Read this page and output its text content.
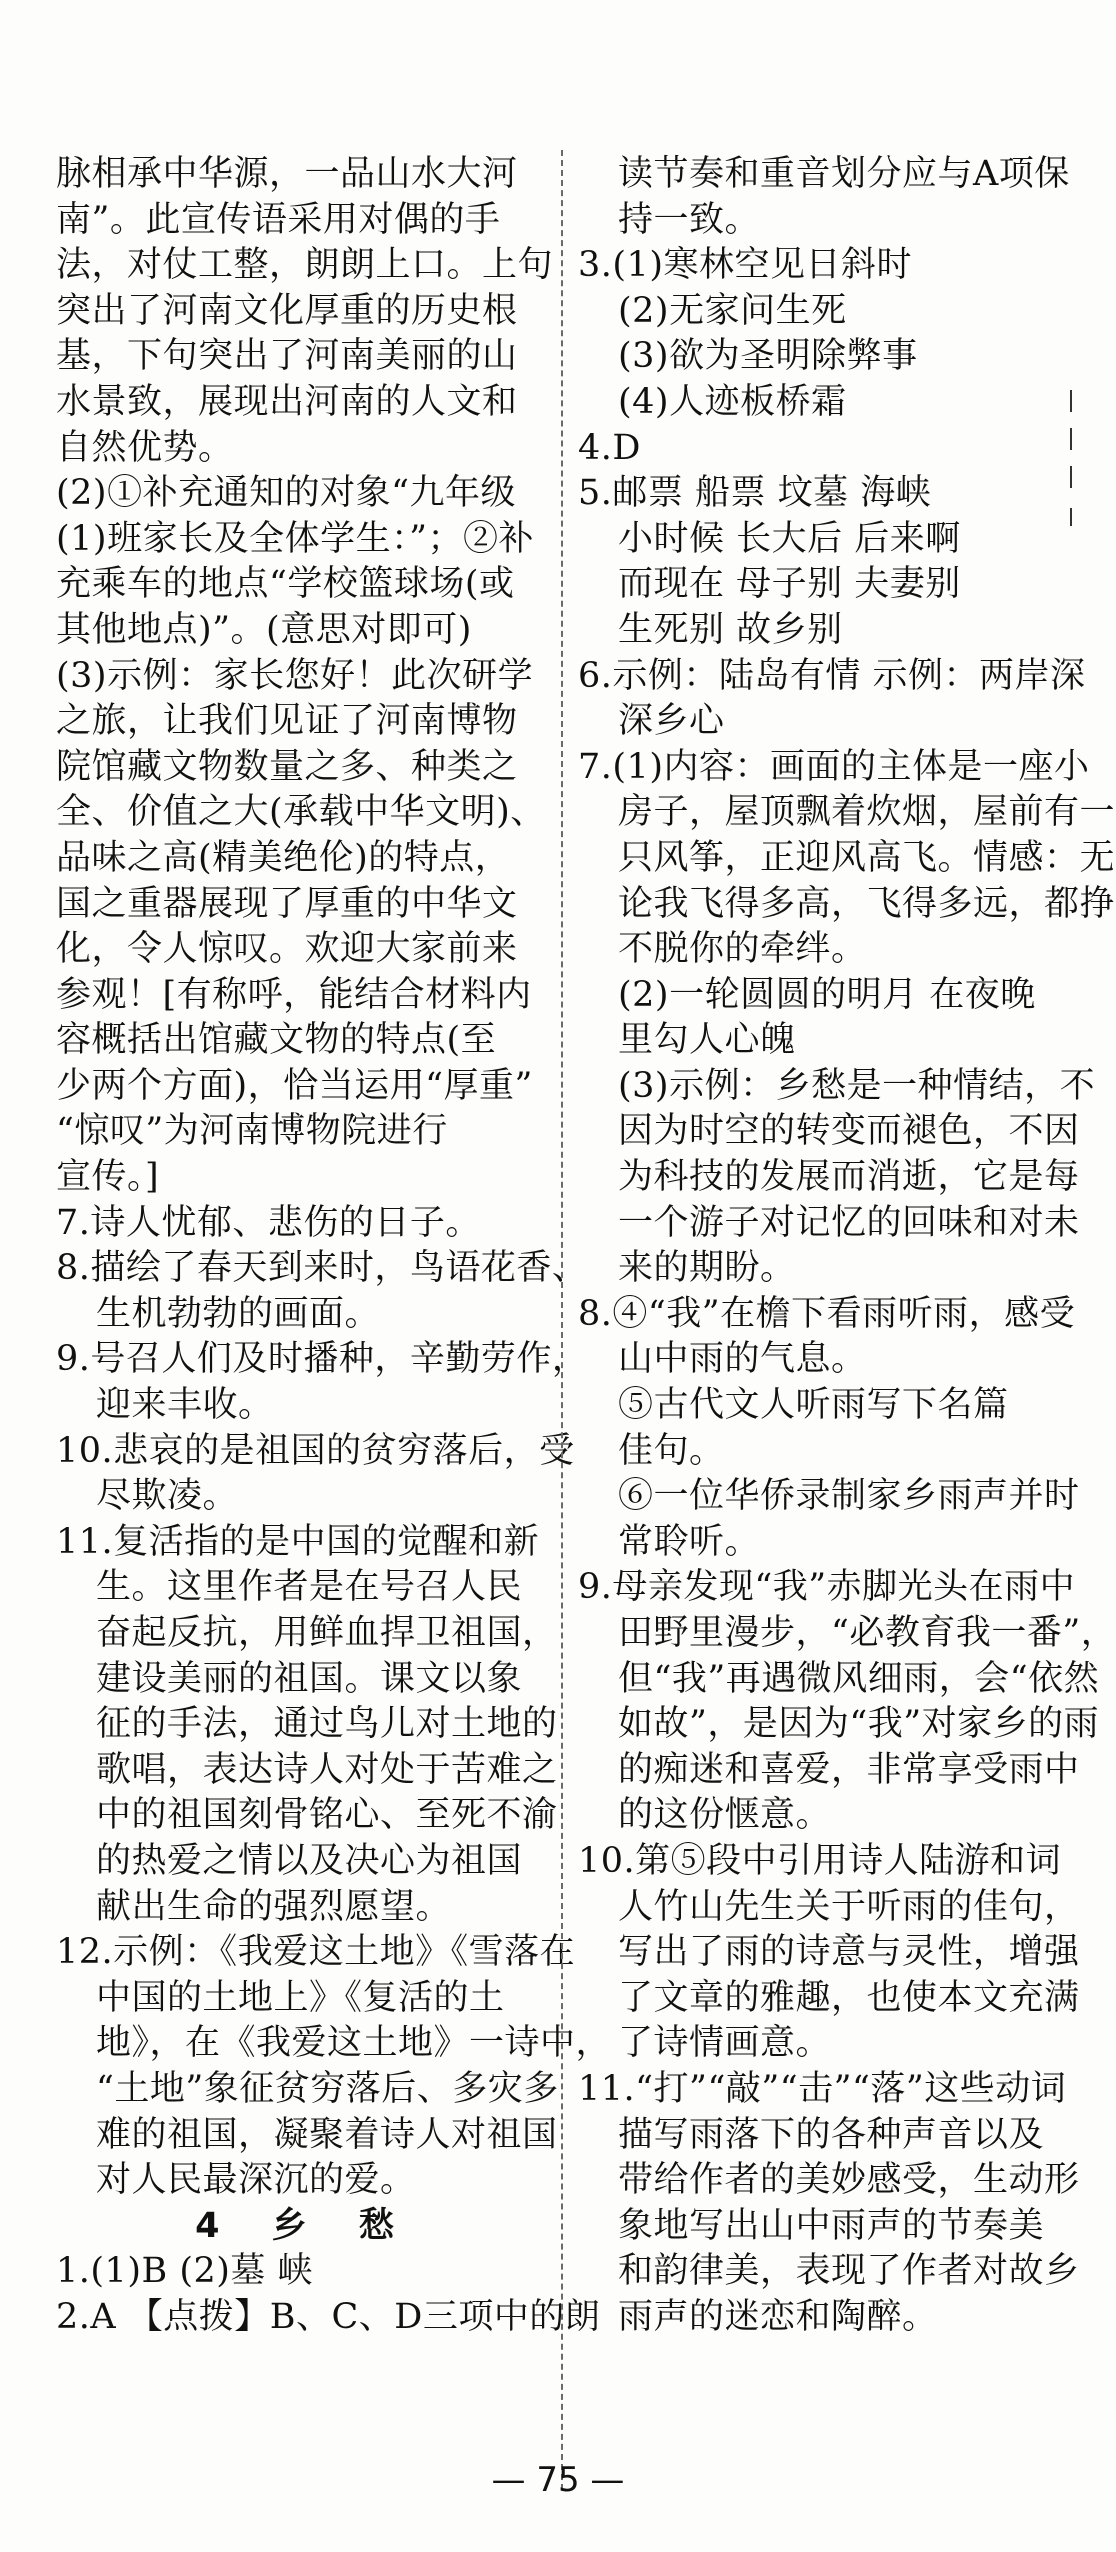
脉相承中华源，一品山水大河
南”。此宣传语采用对偶的手
法，对仗工整，朗朗上口。上句
突出了河南文化厚重的历史根
基，下句突出了河南美丽的山
水景致，展现出河南的人文和
自然优势。
(2)①补充通知的对象“九年级
(1)班家长及全体学生：”；②补
充乘车的地点“学校篮球场(或
其他地点)”。(意思对即可)
(3)示例：家长您好！此次研学
之旅，让我们见证了河南博物
院馆藏文物数量之多、种类之
全、价值之大(承载中华文明)、
品味之高(精美绝伦)的特点，
国之重器展现了厚重的中华文
化，令人惊叹。欢迎大家前来
参观！[有称呼，能结合材料内
容概括出馆藏文物的特点(至
少两个方面)，恰当运用“厚重”
“惊叹”为河南博物院进行
宣传。]
7.诗人忧郁、悲伤的日子。
8.描绘了春天到来时，鸟语花香、
生机勃勃的画面。
9.号召人们及时播种，辛勤劳作，
迎来丰收。
10.悲哀的是祖国的贫穷落后，受
尽欺凌。
11.复活指的是中国的觉醒和新
生。这里作者是在号召人民
奋起反抗，用鲜血捍卫祖国，
建设美丽的祖国。课文以象
征的手法，通过鸟儿对土地的
歌唱，表达诗人对处于苦难之
中的祖国刻骨铭心、至死不渝
的热爱之情以及决心为祖国
献出生命的强烈愿望。
12.示例：《我爱这土地》《雪落在
中国的土地上》《复活的土
地》，在《我爱这土地》一诗中，
“土地”象征贫穷落后、多灾多
难的祖国，凝聚着诗人对祖国
对人民最深沉的爱。
4 乡 愁
1.(1)B (2)墓 峡
2.A 【点拨】B、C、D三项中的朗
读节奏和重音划分应与A项保
持一致。
3.(1)寒林空见日斜时
(2)无家问生死
(3)欲为圣明除弊事
(4)人迹板桥霜
4.D
5.邮票 船票 坟墓 海峡
小时候 长大后 后来啊
而现在 母子别 夫妻别
生死别 故乡别
6.示例：陆岛有情 示例：两岸深
深乡心
7.(1)内容：画面的主体是一座小
房子，屋顶飘着炊烟，屋前有一
只风筝，正迎风高飞。情感：无
论我飞得多高，飞得多远，都挣
不脱你的牵绊。
(2)一轮圆圆的明月 在夜晚
里勾人心魄
(3)示例：乡愁是一种情结，不
因为时空的转变而褪色，不因
为科技的发展而消逝，它是每
一个游子对记忆的回味和对未
来的期盼。
8.④“我”在檐下看雨听雨，感受
山中雨的气息。
⑤古代文人听雨写下名篇
佳句。
⑥一位华侨录制家乡雨声并时
常聆听。
9.母亲发现“我”赤脚光头在雨中
田野里漫步，“必教育我一番”，
但“我”再遇微风细雨，会“依然
如故”，是因为“我”对家乡的雨
的痴迷和喜爱，非常享受雨中
的这份惬意。
10.第⑤段中引用诗人陆游和词
人竹山先生关于听雨的佳句，
写出了雨的诗意与灵性，增强
了文章的雅趣，也使本文充满
了诗情画意。
11.“打”“敲”“击”“落”这些动词
描写雨落下的各种声音以及
带给作者的美妙感受，生动形
象地写出山中雨声的节奏美
和韵律美，表现了作者对故乡
雨声的迷恋和陶醉。
— 75 —
